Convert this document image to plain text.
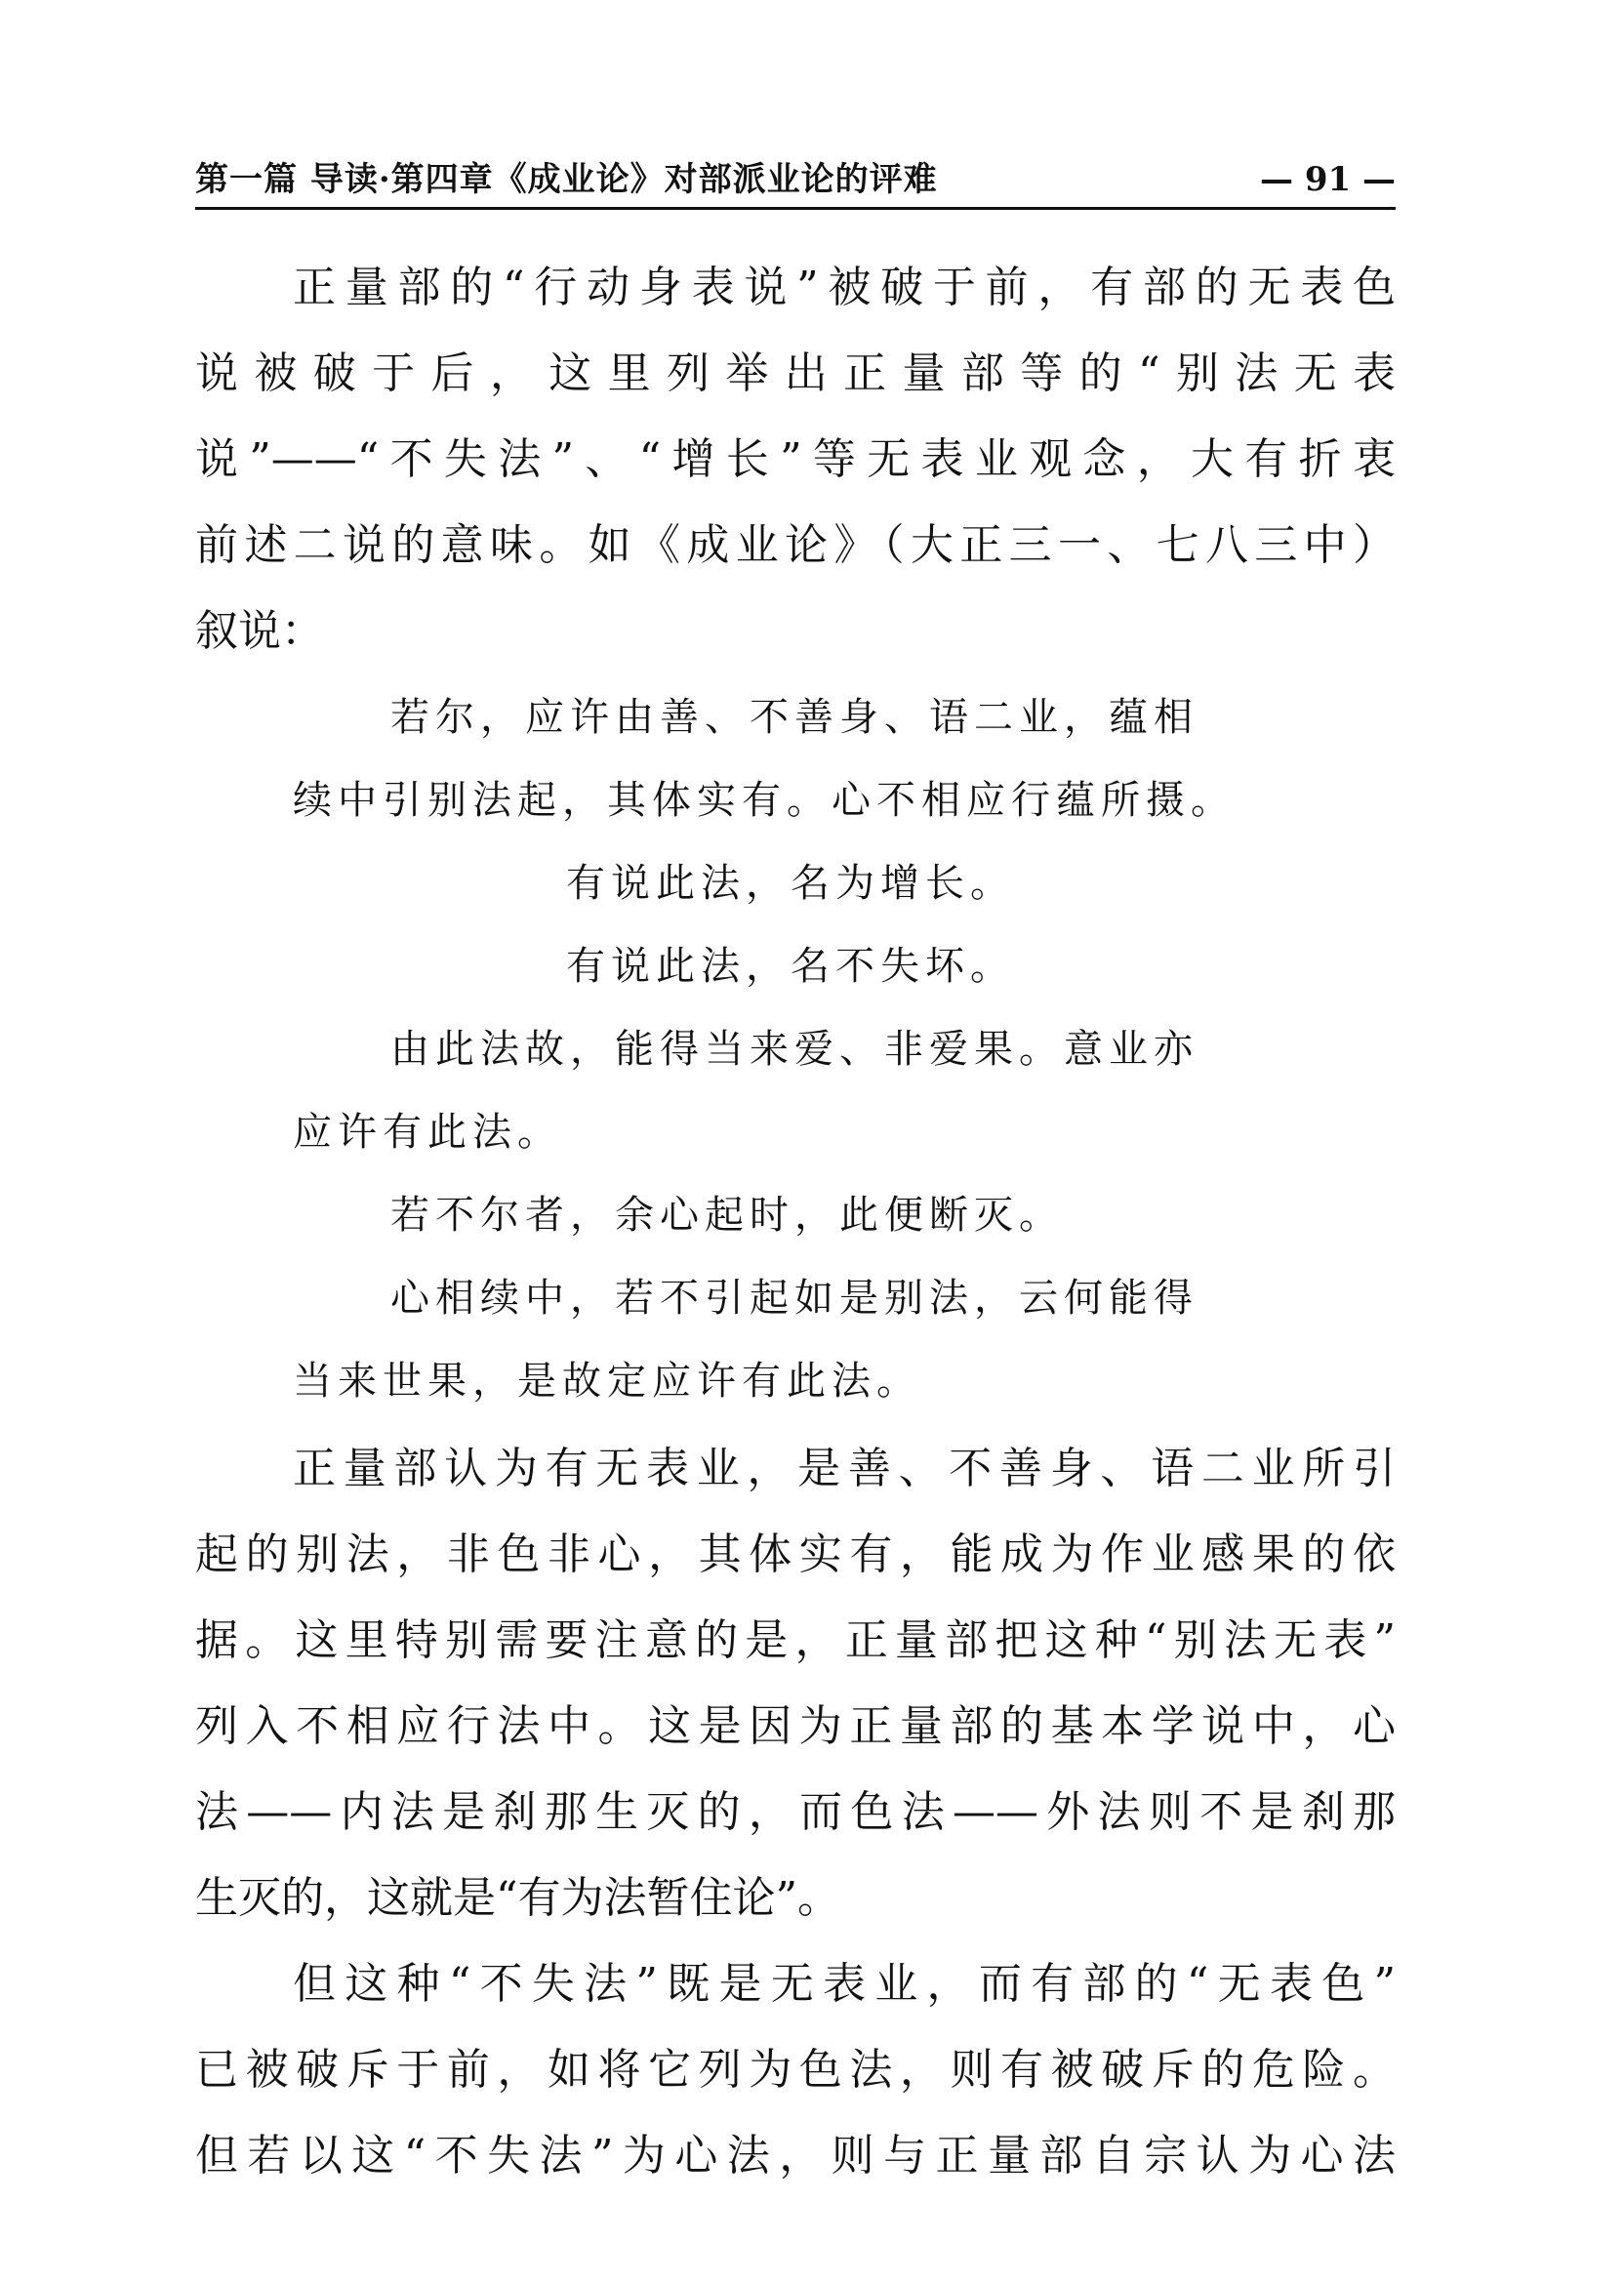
第一篇 导读·第四章《成业论》对部派业论的评难	— 91 —
正量部的“行动身表说”被破于前，有部的无表色
说被破于后，这里列举出正量部等的“别法无表
说”——“不失法”、“增长”等无表业观念，大有折衷
前述二说的意味。如《成业论》（大正三一、七八三中）
叙说：
若尔，应许由善、不善身、语二业，蕴相
续中引别法起，其体实有。心不相应行蕴所摄。
有说此法，名为增长。
有说此法，名不失坏。
由此法故，能得当来爱、非爱果。意业亦
应许有此法。
若不尔者，余心起时，此便断灭。
心相续中，若不引起如是别法，云何能得
当来世果，是故定应许有此法。
正量部认为有无表业，是善、不善身、语二业所引
起的别法，非色非心，其体实有，能成为作业感果的依
据。这里特别需要注意的是，正量部把这种“别法无表”
列入不相应行法中。这是因为正量部的基本学说中，心
法——内法是刹那生灭的，而色法——外法则不是刹那
生灭的，这就是“有为法暂住论”。
但这种“不失法”既是无表业，而有部的“无表色”
已被破斥于前，如将它列为色法，则有被破斥的危险。
但若以这“不失法”为心法，则与正量部自宗认为心法
